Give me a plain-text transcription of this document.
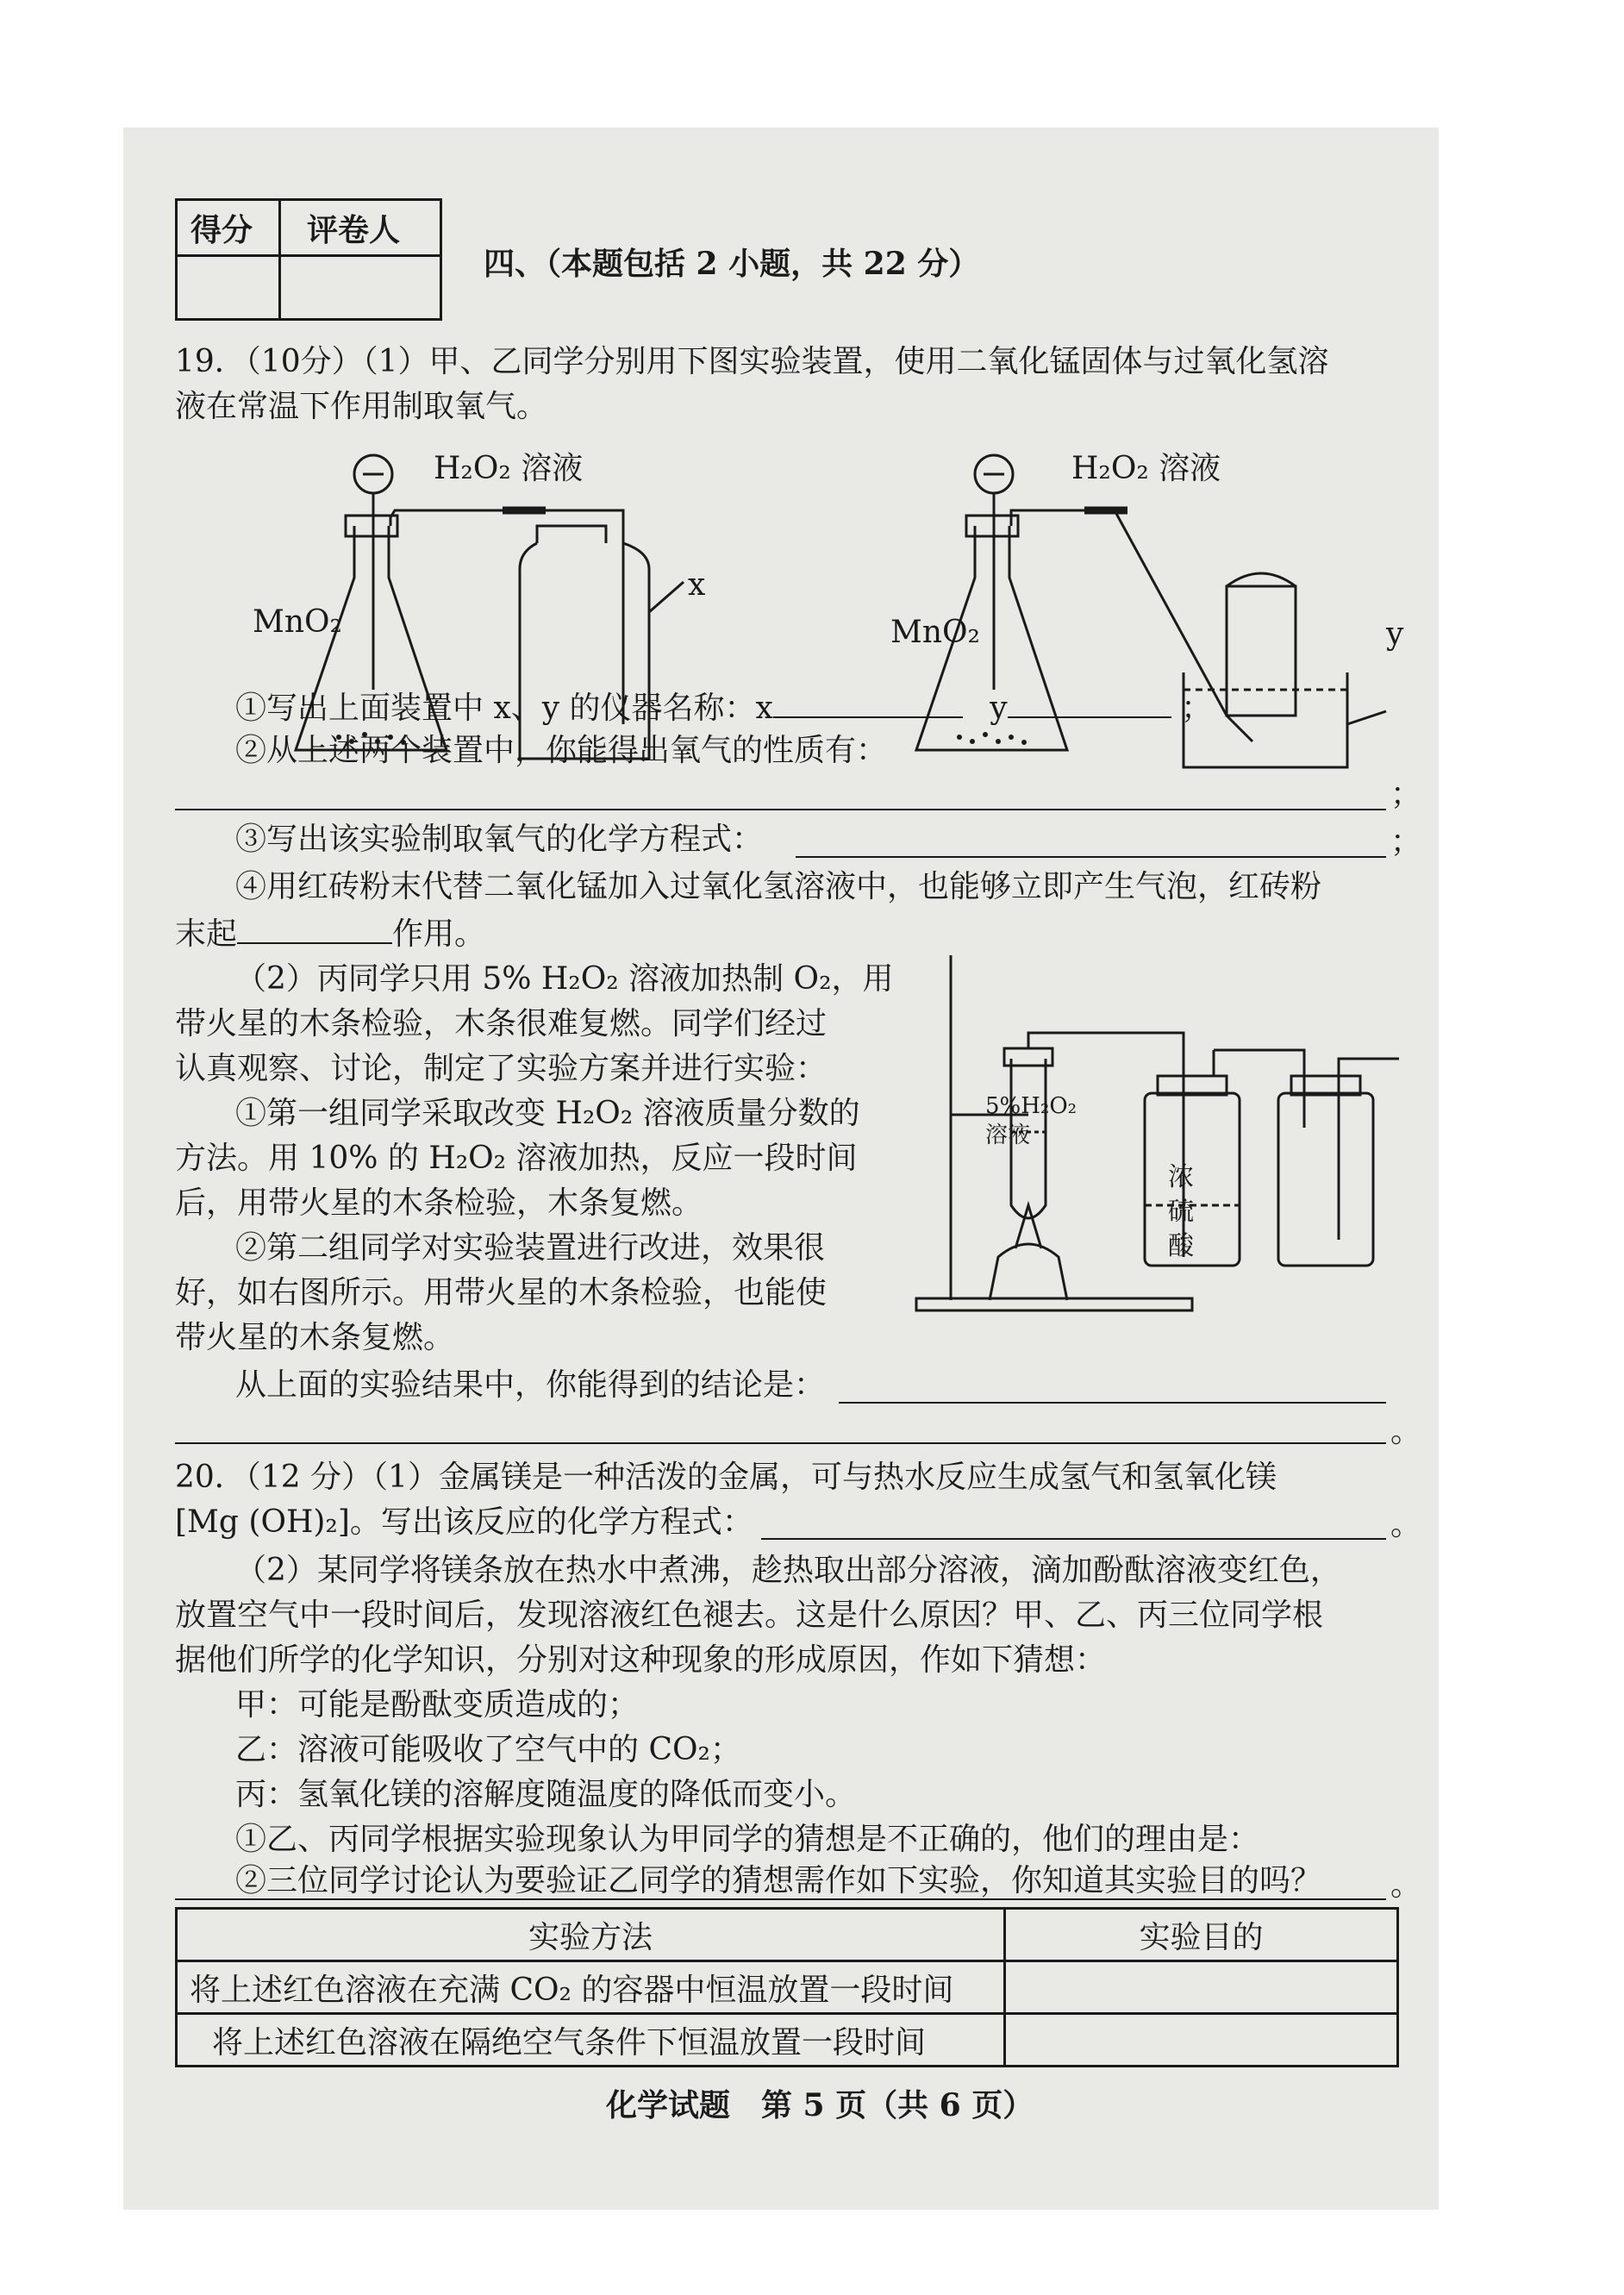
得分 评卷人
四、（本题包括 2 小题，共 22 分）
19．（10分）（1）甲、乙同学分别用下图实验装置，使用二氧化锰固体与过氧化氢溶
液在常温下作用制取氧气。
H₂O₂ 溶液
MnO₂
x
H₂O₂ 溶液
MnO₂	y
①写出上面装置中 x、y 的仪器名称：x	y	；
②从上述两个装置中，你能得出氧气的性质有：
；
③写出该实验制取氧气的化学方程式：	；
④用红砖粉末代替二氧化锰加入过氧化氢溶液中，也能够立即产生气泡，红砖粉
末起	作用。
（2）丙同学只用 5% H₂O₂ 溶液加热制 O₂，用
带火星的木条检验，木条很难复燃。同学们经过
认真观察、讨论，制定了实验方案并进行实验：
①第一组同学采取改变 H₂O₂ 溶液质量分数的
方法。用 10% 的 H₂O₂ 溶液加热，反应一段时间
后，用带火星的木条检验，木条复燃。
②第二组同学对实验装置进行改进，效果很
好，如右图所示。用带火星的木条检验，也能使
带火星的木条复燃。
5%H₂O₂
溶液
浓
硫
酸
从上面的实验结果中，你能得到的结论是：
。
20．（12 分）（1）金属镁是一种活泼的金属，可与热水反应生成氢气和氢氧化镁
[Mg (OH)₂]。写出该反应的化学方程式：	。
（2）某同学将镁条放在热水中煮沸，趁热取出部分溶液，滴加酚酞溶液变红色，
放置空气中一段时间后，发现溶液红色褪去。这是什么原因？甲、乙、丙三位同学根
据他们所学的化学知识，分别对这种现象的形成原因，作如下猜想：
甲：可能是酚酞变质造成的；
乙：溶液可能吸收了空气中的 CO₂；
丙：氢氧化镁的溶解度随温度的降低而变小。
①乙、丙同学根据实验现象认为甲同学的猜想是不正确的，他们的理由是：
。
②三位同学讨论认为要验证乙同学的猜想需作如下实验，你知道其实验目的吗？
实验方法	实验目的
将上述红色溶液在充满 CO₂ 的容器中恒温放置一段时间	
将上述红色溶液在隔绝空气条件下恒温放置一段时间	
化学试题　第 5 页（共 6 页）
